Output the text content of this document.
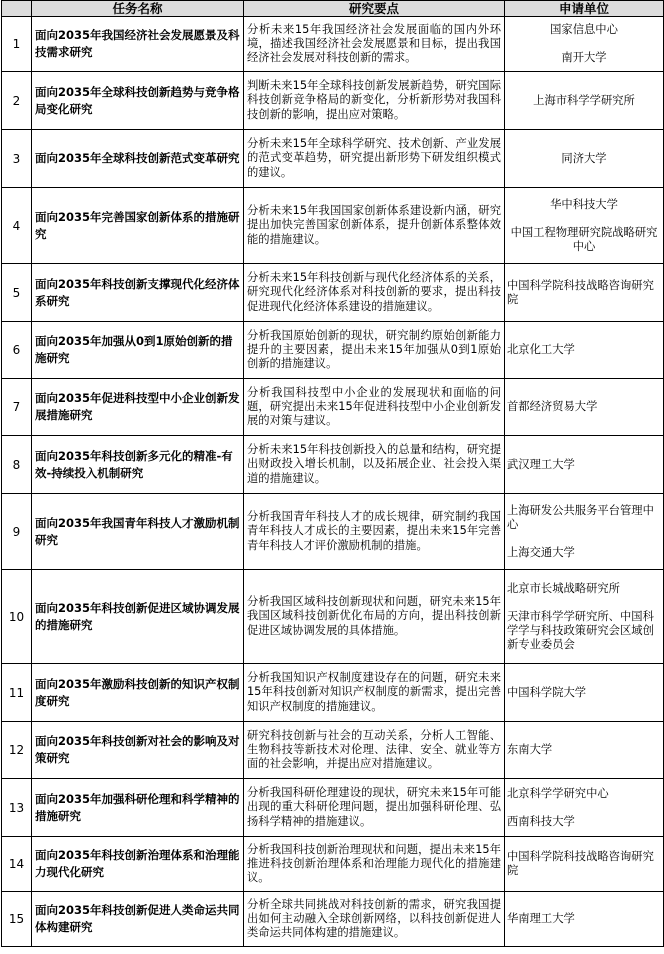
	任务名称	研究要点	申请单位
1	面向2035年我国经济社会发展愿景及科技需求研究	分析未来15年我国经济社会发展面临的国内外环境，描述我国经济社会发展愿景和目标，提出我国经济社会发展对科技创新的需求。	国家信息中心
南开大学

2	面向2035年全球科技创新趋势与竞争格局变化研究	判断未来15年全球科技创新发展新趋势，研究国际科技创新竞争格局的新变化，分析新形势对我国科技创新的影响，提出应对策略。	上海市科学学研究所

3	面向2035年全球科技创新范式变革研究	分析未来15年全球科学研究、技术创新、产业发展的范式变革趋势，研究提出新形势下研发组织模式的建议。	同济大学

4	面向2035年完善国家创新体系的措施研究	分析未来15年我国国家创新体系建设新内涵，研究提出加快完善国家创新体系，提升创新体系整体效能的措施建议。	华中科技大学
中国工程物理研究院战略研究中心

5	面向2035年科技创新支撑现代化经济体系研究	分析未来15年科技创新与现代化经济体系的关系，研究现代化经济体系对科技创新的要求，提出科技促进现代化经济体系建设的措施建议。	中国科学院科技战略咨询研究院

6	面向2035年加强从0到1原始创新的措施研究	分析我国原始创新的现状，研究制约原始创新能力提升的主要因素，提出未来15年加强从0到1原始创新的措施建议。	北京化工大学

7	面向2035年促进科技型中小企业创新发展措施研究	分析我国科技型中小企业的发展现状和面临的问题，研究提出未来15年促进科技型中小企业创新发展的对策与建议。	首都经济贸易大学

8	面向2035年科技创新多元化的精准-有效-持续投入机制研究	分析未来15年科技创新投入的总量和结构，研究提出财政投入增长机制，以及拓展企业、社会投入渠道的措施建议。	武汉理工大学

9	面向2035年我国青年科技人才激励机制研究	分析我国青年科技人才的成长规律，研究制约我国青年科技人才成长的主要因素，提出未来15年完善青年科技人才评价激励机制的措施。	上海研发公共服务平台管理中心
上海交通大学

10	面向2035年科技创新促进区域协调发展的措施研究	分析我国区域科技创新现状和问题，研究未来15年我国区域科技创新优化布局的方向，提出科技创新促进区域协调发展的具体措施。	北京市长城战略研究所
天津市科学学研究所、中国科学学与科技政策研究会区域创新专业委员会

11	面向2035年激励科技创新的知识产权制度研究	分析我国知识产权制度建设存在的问题，研究未来15年科技创新对知识产权制度的新需求，提出完善知识产权制度的措施建议。	中国科学院大学

12	面向2035年科技创新对社会的影响及对策研究	研究科技创新与社会的互动关系，分析人工智能、生物科技等新技术对伦理、法律、安全、就业等方面的社会影响，并提出应对措施建议。	东南大学

13	面向2035年加强科研伦理和科学精神的措施研究	分析我国科研伦理建设的现状，研究未来15年可能出现的重大科研伦理问题，提出加强科研伦理、弘扬科学精神的措施建议。	北京科学学研究中心
西南科技大学

14	面向2035年科技创新治理体系和治理能力现代化研究	分析我国科技创新治理现状和问题，提出未来15年推进科技创新治理体系和治理能力现代化的措施建议。	中国科学院科技战略咨询研究院

15	面向2035年科技创新促进人类命运共同体构建研究	分析全球共同挑战对科技创新的需求，研究我国提出如何主动融入全球创新网络，以科技创新促进人类命运共同体构建的措施建议。	华南理工大学
